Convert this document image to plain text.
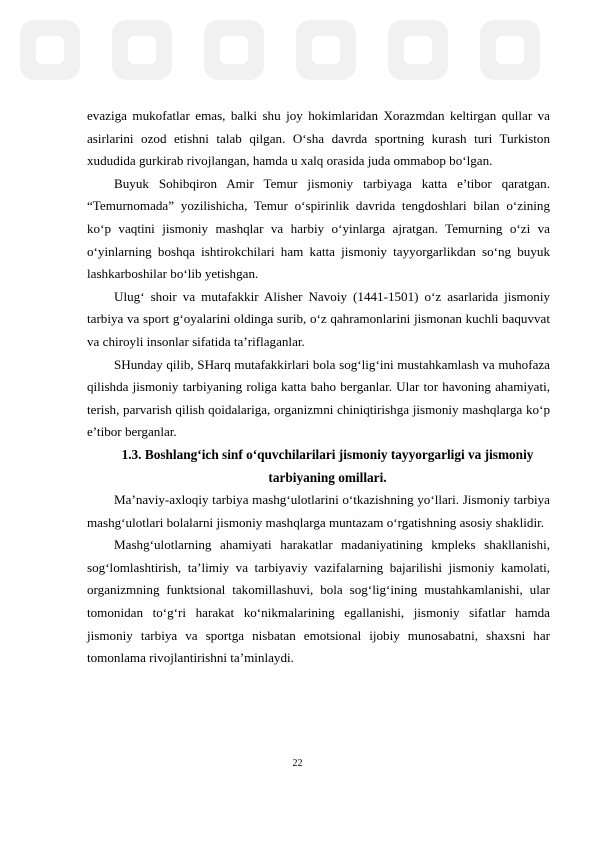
evaziga mukofatlar emas, balki shu joy hokimlaridan Xorazmdan keltirgan qullar va asirlarini ozod etishni talab qilgan. O‘sha davrda sportning kurash turi Turkiston xududida gurkirab rivojlangan, hamda u xalq orasida juda ommabop bo‘lgan.

Buyuk Sohibqiron Amir Temur jismoniy tarbiyaga katta e’tibor qaratgan. “Temurnomada” yozilishicha, Temur o‘spirinlik davrida tengdoshlari bilan o‘zining ko‘p vaqtini jismoniy mashqlar va harbiy o‘yinlarga ajratgan. Temurning o‘zi va o‘yinlarning boshqa ishtirokchilari ham katta jismoniy tayyorgarlikdan so‘ng buyuk lashkarboshilar bo‘lib yetishgan.

Ulug‘ shoir va mutafakkir Alisher Navoiy (1441-1501) o‘z asarlarida jismoniy tarbiya va sport g‘oyalarini oldinga surib, o‘z qahramonlarini jismonan kuchli baquvvat va chiroyli insonlar sifatida ta’riflaganlar.

SHunday qilib, SHarq mutafakkirlari bola sog‘lig‘ini mustahkamlash va muhofaza qilishda jismoniy tarbiyaning roliga katta baho berganlar. Ular tor havoning ahamiyati, terish, parvarish qilish qoidalariga, organizmni chiniqtirishga jismoniy mashqlarga ko‘p e’tibor berganlar.

1.3. Boshlang‘ich sinf o‘quvchilarilari jismoniy tayyorgarligi va jismoniy tarbiyaning omillari.

Ma’naviy-axloqiy tarbiya mashg‘ulotlarini o‘tkazishning yo‘llari. Jismoniy tarbiya mashg‘ulotlari bolalarni jismoniy mashqlarga muntazam o‘rgatishning asosiy shaklidir.

Mashg‘ulotlarning ahamiyati harakatlar madaniyatining kmpleks shakllanishi, sog‘lomlashtirish, ta’limiy va tarbiyaviy vazifalarning bajarilishi jismoniy kamolati, organizmning funktsional takomillashuvi, bola sog‘lig‘ining mustahkamlanishi, ular tomonidan to‘g‘ri harakat ko‘nikmalarining egallanishi, jismoniy sifatlar hamda jismoniy tarbiya va sportga nisbatan emotsional ijobiy munosabatni, shaxsni har tomonlama rivojlantirishni ta’minlaydi.

22
